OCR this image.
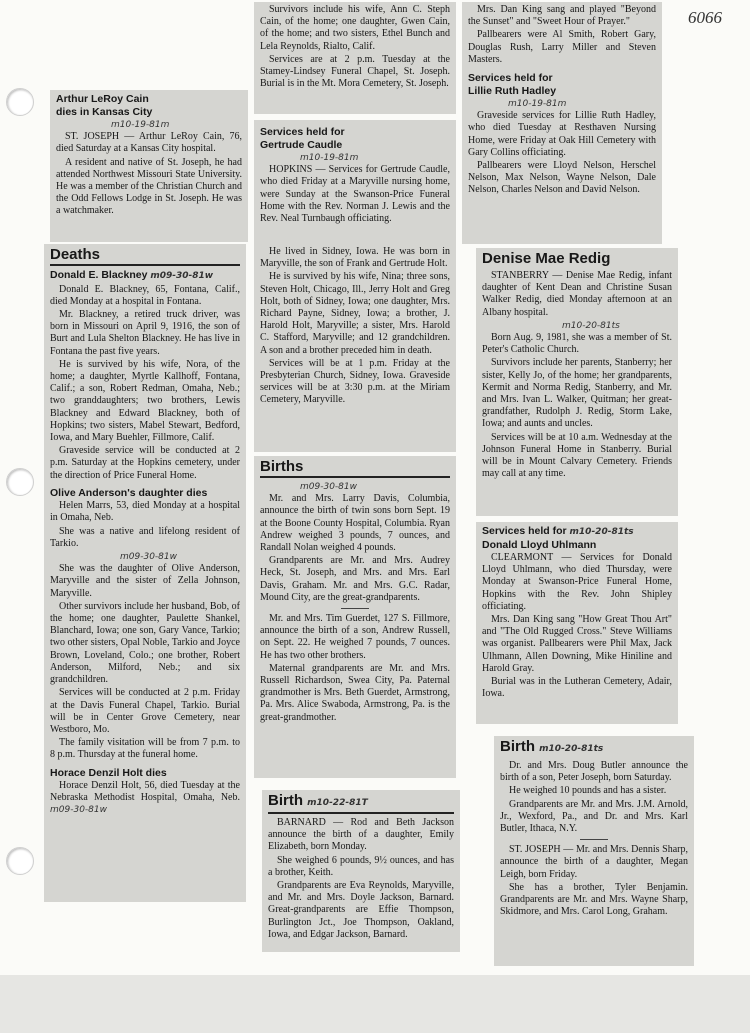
6066
Arthur LeRoy Cain
dies in Kansas City
m10-19-81m

ST. JOSEPH — Arthur LeRoy Cain, 76, died Saturday at a Kansas City hospital.

A resident and native of St. Joseph, he had attended Northwest Missouri State University. He was a member of the Christian Church and the Odd Fellows Lodge in St. Joseph. He was a watchmaker.

Survivors include his wife, Ann C. Steph Cain, of the home; one daughter, Gwen Cain, of the home; and two sisters, Ethel Bunch and Lela Reynolds, Rialto, Calif.

Services are at 2 p.m. Tuesday at the Stamey-Lindsey Funeral Chapel, St. Joseph. Burial is in the Mt. Mora Cemetery, St. Joseph.

Services held for
Gertrude Caudle
m10-19-81m

HOPKINS — Services for Gertrude Caudle, who died Friday at a Maryville nursing home, were Sunday at the Swanson-Price Funeral Home with the Rev. Norman J. Lewis and the Rev. Neal Turnbaugh officiating.

Mrs. Dan King sang and played "Beyond the Sunset" and "Sweet Hour of Prayer."

Pallbearers were Al Smith, Robert Gary, Douglas Rush, Larry Miller and Steven Masters.

Services held for
Lillie Ruth Hadley
m10-19-81m

Graveside services for Lillie Ruth Hadley, who died Tuesday at Resthaven Nursing Home, were Friday at Oak Hill Cemetery with Gary Collins officiating.

Pallbearers were Lloyd Nelson, Herschel Nelson, Max Nelson, Wayne Nelson, Dale Nelson, Charles Nelson and David Nelson.

Deaths
Donald E. Blackney m09-30-81w

Donald E. Blackney, 65, Fontana, Calif., died Monday at a hospital in Fontana.

Mr. Blackney, a retired truck driver, was born in Missouri on April 9, 1916, the son of Burt and Lula Shelton Blackney. He has live in Fontana the past five years.

He is survived by his wife, Nora, of the home; a daughter, Myrtle Kallhoff, Fontana, Calif.; a son, Robert Redman, Omaha, Neb.; two granddaughters; two brothers, Lewis Blackney and Edward Blackney, both of Hopkins; two sisters, Mabel Stewart, Bedford, Iowa, and Mary Buehler, Fillmore, Calif.

Graveside service will be conducted at 2 p.m. Saturday at the Hopkins cemetery, under the direction of Price Funeral Home.

Olive Anderson's daughter dies

Helen Marrs, 53, died Monday at a hospital in Omaha, Neb.

She was a native and lifelong resident of Tarkio.

m09-30-81w

She was the daughter of Olive Anderson, Maryville and the sister of Zella Johnson, Maryville.

Other survivors include her husband, Bob, of the home; one daughter, Paulette Shankel, Blanchard, Iowa; one son, Gary Vance, Tarkio; two other sisters, Opal Noble, Tarkio and Joyce Brown, Loveland, Colo.; one brother, Robert Anderson, Milford, Neb.; and six grandchildren.

Services will be conducted at 2 p.m. Friday at the Davis Funeral Chapel, Tarkio. Burial will be in Center Grove Cemetery, near Westboro, Mo.

The family visitation will be from 7 p.m. to 8 p.m. Thursday at the funeral home.

Horace Denzil Holt dies

Horace Denzil Holt, 56, died Tuesday at the Nebraska Methodist Hospital, Omaha, Neb. m09-30-81w

He lived in Sidney, Iowa. He was born in Maryville, the son of Frank and Gertrude Holt.

He is survived by his wife, Nina; three sons, Steven Holt, Chicago, Ill., Jerry Holt and Greg Holt, both of Sidney, Iowa; one daughter, Mrs. Richard Payne, Sidney, Iowa; a brother, J. Harold Holt, Maryville; a sister, Mrs. Harold C. Stafford, Maryville; and 12 grandchildren. A son and a brother preceded him in death.

Services will be at 1 p.m. Friday at the Presbyterian Church, Sidney, Iowa. Graveside services will be at 3:30 p.m. at the Miriam Cemetery, Maryville.

Births
m09-30-81w

Mr. and Mrs. Larry Davis, Columbia, announce the birth of twin sons born Sept. 19 at the Boone County Hospital, Columbia. Ryan Andrew weighed 3 pounds, 7 ounces, and Randall Nolan weighed 4 pounds.

Grandparents are Mr. and Mrs. Audrey Heck, St. Joseph, and Mrs. and Mrs. Earl Davis, Graham. Mr. and Mrs. G.C. Radar, Mound City, are the great-grandparents.

Mr. and Mrs. Tim Guerdet, 127 S. Fillmore, announce the birth of a son, Andrew Russell, on Sept. 22. He weighed 7 pounds, 7 ounces. He has two other brothers.

Maternal grandparents are Mr. and Mrs. Russell Richardson, Swea City, Pa. Paternal grandmother is Mrs. Beth Guerdet, Armstrong, Pa. Mrs. Alice Swaboda, Armstrong, Pa. is the great-grandmother.

Birth m10-22-81T

BARNARD — Rod and Beth Jackson announce the birth of a daughter, Emily Elizabeth, born Monday.

She weighed 6 pounds, 9½ ounces, and has a brother, Keith.

Grandparents are Eva Reynolds, Maryville, and Mr. and Mrs. Doyle Jackson, Barnard. Great-grandparents are Effie Thompson, Burlington Jct., Joe Thompson, Oakland, Iowa, and Edgar Jackson, Barnard.

Denise Mae Redig

STANBERRY — Denise Mae Redig, infant daughter of Kent Dean and Christine Susan Walker Redig, died Monday afternoon at an Albany hospital.

m10-20-81ts

Born Aug. 9, 1981, she was a member of St. Peter's Catholic Church.

Survivors include her parents, Stanberry; her sister, Kelly Jo, of the home; her grandparents, Kermit and Norma Redig, Stanberry, and Mr. and Mrs. Ivan L. Walker, Quitman; her great-grandfather, Rudolph J. Redig, Storm Lake, Iowa; and aunts and uncles.

Services will be at 10 a.m. Wednesday at the Johnson Funeral Home in Stanberry. Burial will be in Mount Calvary Cemetery. Friends may call at any time.

Services held for m10-20-81ts
Donald Lloyd Uhlmann

CLEARMONT — Services for Donald Lloyd Uhlmann, who died Thursday, were Monday at Swanson-Price Funeral Home, Hopkins with the Rev. John Shipley officiating.

Mrs. Dan King sang "How Great Thou Art" and "The Old Rugged Cross." Steve Williams was organist. Pallbearers were Phil Max, Jack Ulhmann, Allen Downing, Mike Hiniline and Harold Gray.

Burial was in the Lutheran Cemetery, Adair, Iowa.

Birth m10-20-81ts

Dr. and Mrs. Doug Butler announce the birth of a son, Peter Joseph, born Saturday.

He weighed 10 pounds and has a sister.

Grandparents are Mr. and Mrs. J.M. Arnold, Jr., Wexford, Pa., and Dr. and Mrs. Karl Butler, Ithaca, N.Y.

ST. JOSEPH — Mr. and Mrs. Dennis Sharp, announce the birth of a daughter, Megan Leigh, born Friday.

She has a brother, Tyler Benjamin. Grandparents are Mr. and Mrs. Wayne Sharp, Skidmore, and Mrs. Carol Long, Graham.
